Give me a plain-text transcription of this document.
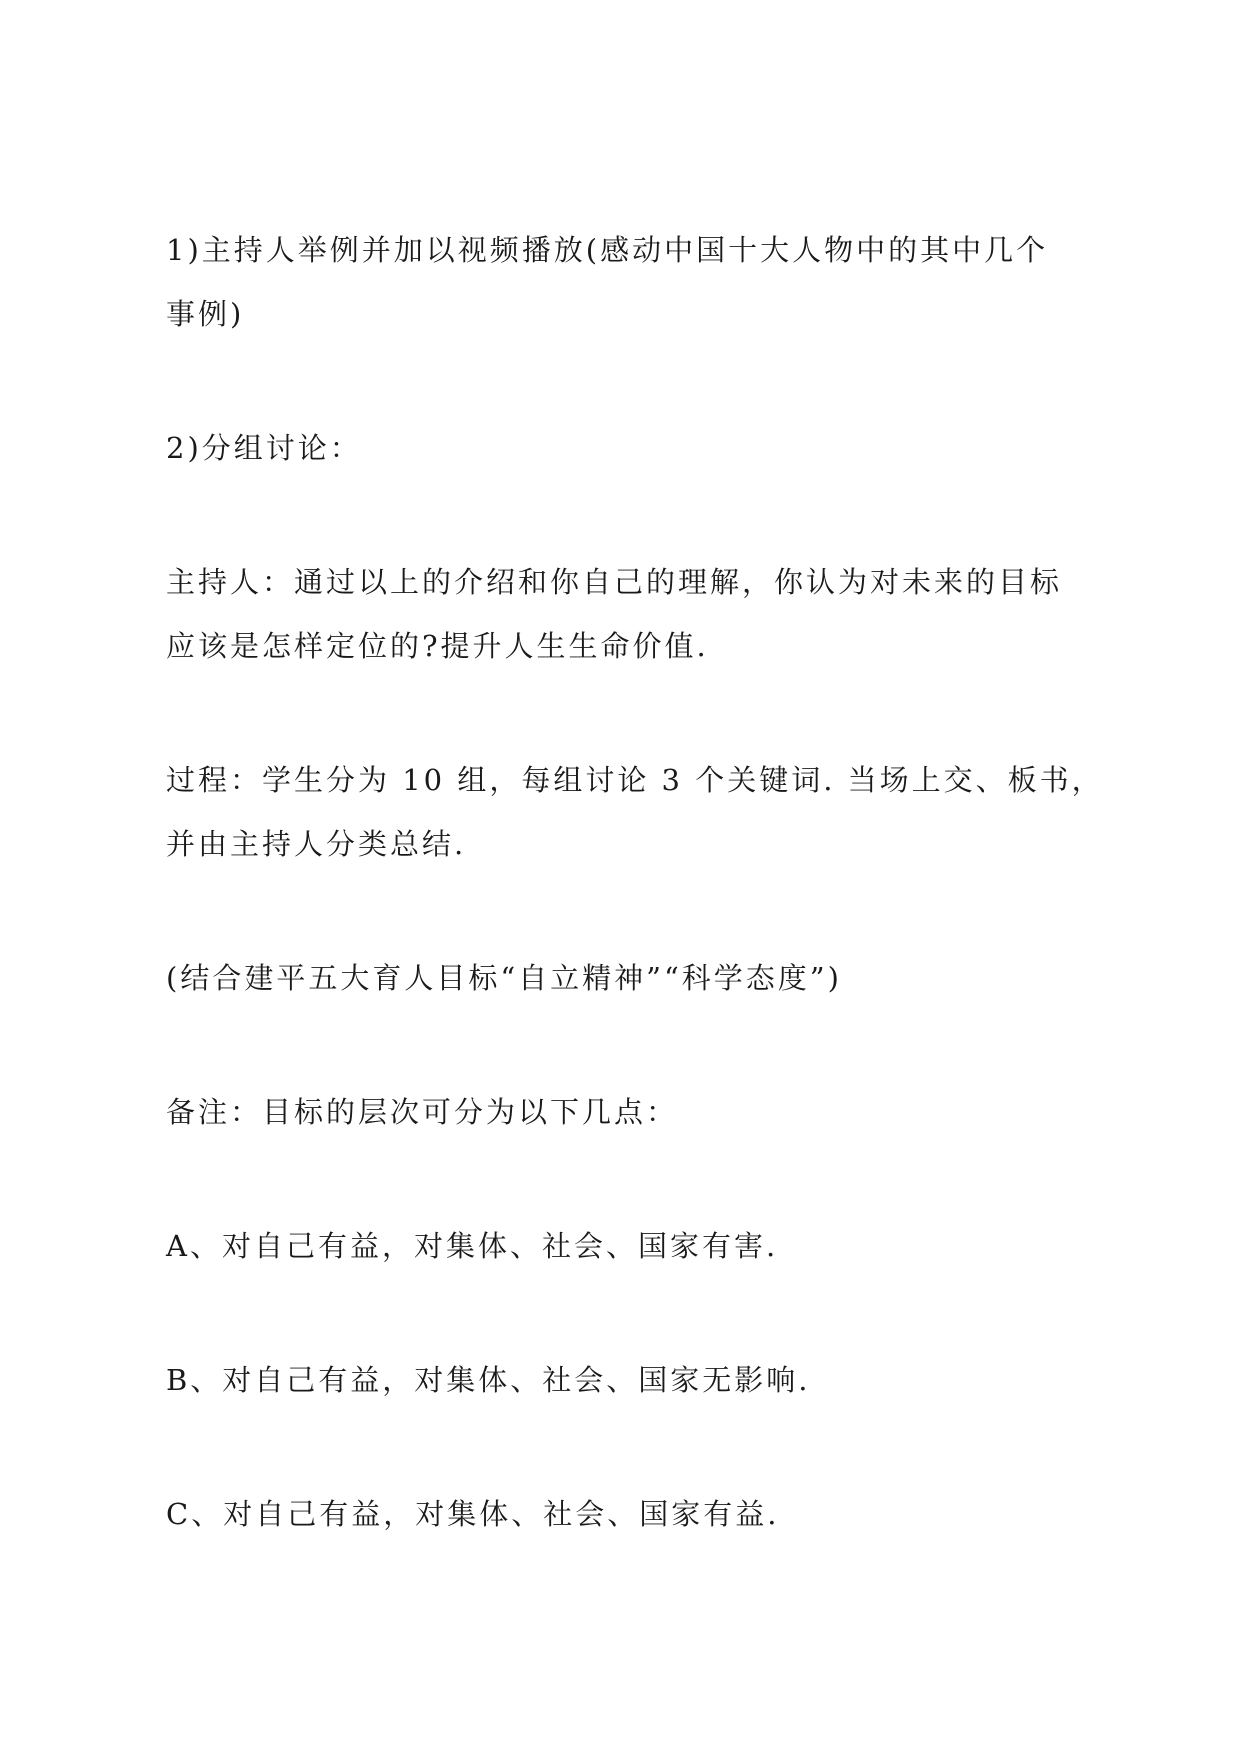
1)主持人举例并加以视频播放(感动中国十大人物中的其中几个
事例)

2)分组讨论：

主持人：通过以上的介绍和你自己的理解，你认为对未来的目标
应该是怎样定位的?提升人生生命价值.

过程：学生分为 10 组，每组讨论 3 个关键词. 当场上交、板书，
并由主持人分类总结.

(结合建平五大育人目标“自立精神”“科学态度”)

备注：目标的层次可分为以下几点：

A、对自己有益，对集体、社会、国家有害.

B、对自己有益，对集体、社会、国家无影响.

C、对自己有益，对集体、社会、国家有益.
